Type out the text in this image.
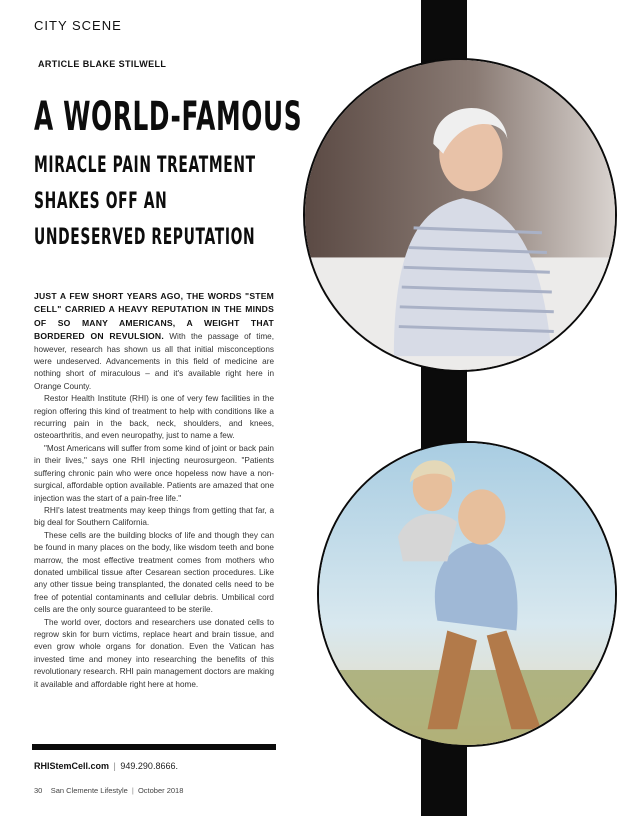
CITY SCENE
ARTICLE BLAKE STILWELL
A WORLD-FAMOUS
MIRACLE PAIN TREATMENT
SHAKES OFF AN
UNDESERVED REPUTATION

JUST A FEW SHORT YEARS AGO, THE WORDS "STEM CELL" CARRIED A HEAVY REPUTATION IN THE MINDS OF SO MANY AMERICANS, A WEIGHT THAT BORDERED ON REVULSION. With the passage of time, however, research has shown us all that initial misconceptions were undeserved. Advancements in this field of medicine are nothing short of miraculous – and it's available right here in Orange County.

Restor Health Institute (RHI) is one of very few facilities in the region offering this kind of treatment to help with conditions like a recurring pain in the back, neck, shoulders, and knees, osteoarthritis, and even neuropathy, just to name a few.

"Most Americans will suffer from some kind of joint or back pain in their lives," says one RHI injecting neurosurgeon. "Patients suffering chronic pain who were once hopeless now have a non-surgical, affordable option available. Patients are amazed that one injection was the start of a pain-free life."

RHI's latest treatments may keep things from getting that far, a big deal for Southern California.

These cells are the building blocks of life and though they can be found in many places on the body, like wisdom teeth and bone marrow, the most effective treatment comes from mothers who donated umbilical tissue after Cesarean section procedures. Like any other tissue being transplanted, the donated cells need to be free of potential contaminants and cellular debris. Umbilical cord cells are the only source guaranteed to be sterile.

The world over, doctors and researchers use donated cells to regrow skin for burn victims, replace heart and brain tissue, and even grow whole organs for donation. Even the Vatican has invested time and money into researching the benefits of this revolutionary research. RHI pain management doctors are making it available and affordable right here at home.

RHIStemCell.com | 949.290.8666.
30 San Clemente Lifestyle | October 2018
